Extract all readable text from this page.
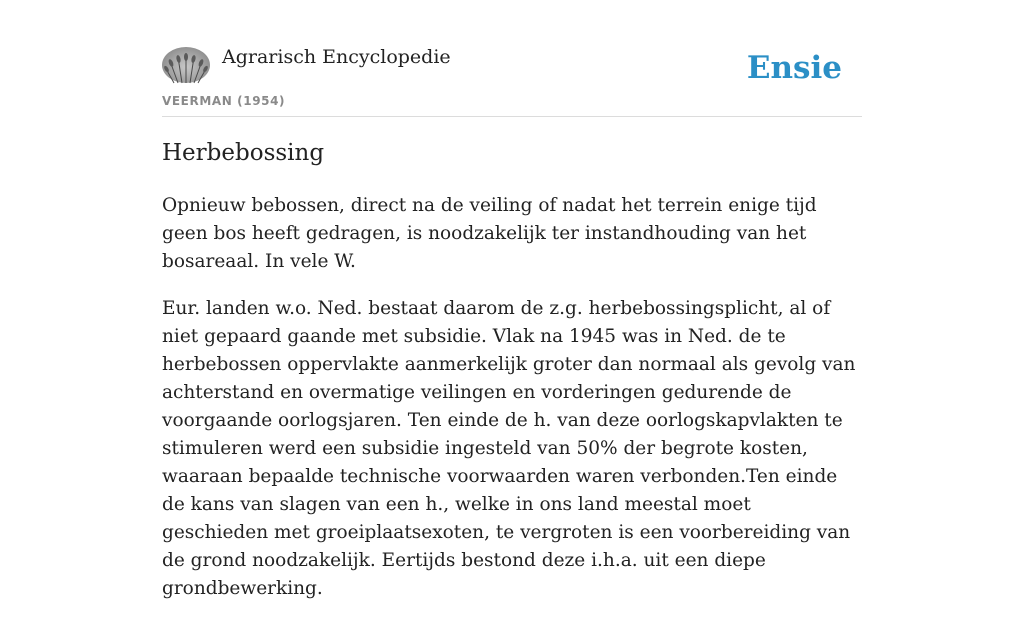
Agrarisch Encyclopedie
VEERMAN (1954)
Ensie
Herbebossing

Opnieuw bebossen, direct na de veiling of nadat het terrein enige tijd geen bos heeft gedragen, is noodzakelijk ter instandhouding van het bosareaal. In vele W.

Eur. landen w.o. Ned. bestaat daarom de z.g. herbebossingsplicht, al of niet gepaard gaande met subsidie. Vlak na 1945 was in Ned. de te herbebossen oppervlakte aanmerkelijk groter dan normaal als gevolg van achterstand en overmatige veilingen en vorderingen gedurende de voorgaande oorlogsjaren. Ten einde de h. van deze oorlogskapvlakten te stimuleren werd een subsidie ingesteld van 50% der begrote kosten, waaraan bepaalde technische voorwaarden waren verbonden.Ten einde de kans van slagen van een h., welke in ons land meestal moet geschieden met groeiplaatsexoten, te vergroten is een voorbereiding van de grond noodzakelijk. Eertijds bestond deze i.h.a. uit een diepe grondbewerking.
